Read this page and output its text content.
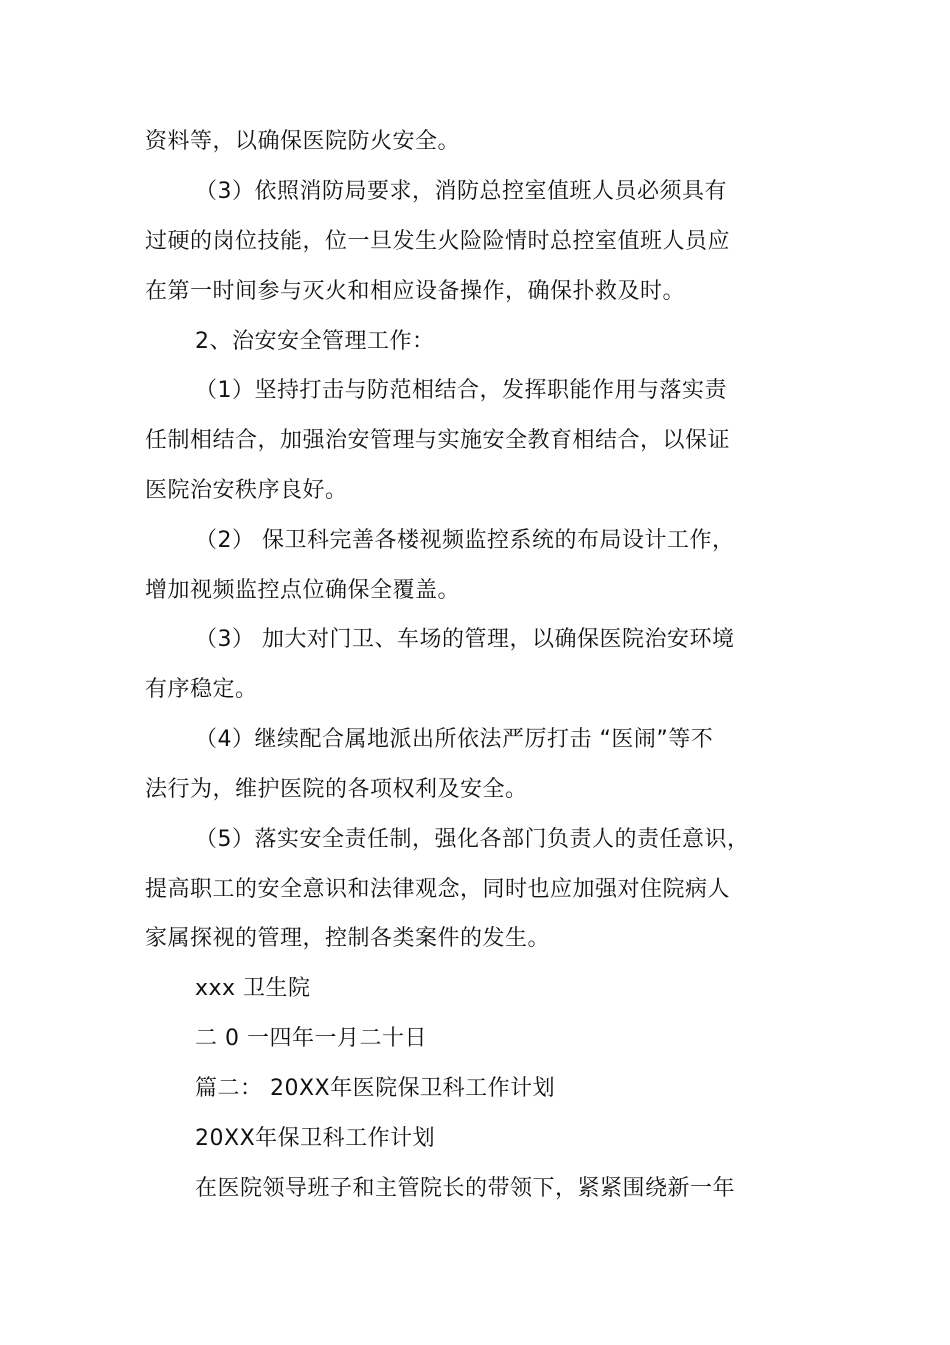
资料等，以确保医院防火安全。
（3）依照消防局要求，消防总控室值班人员必须具有
过硬的岗位技能，位一旦发生火险险情时总控室值班人员应
在第一时间参与灭火和相应设备操作，确保扑救及时。
2、治安安全管理工作：
（1）坚持打击与防范相结合，发挥职能作用与落实责
任制相结合，加强治安管理与实施安全教育相结合，以保证
医院治安秩序良好。
（2） 保卫科完善各楼视频监控系统的布局设计工作，
增加视频监控点位确保全覆盖。
（3） 加大对门卫、车场的管理，以确保医院治安环境
有序稳定。
（4）继续配合属地派出所依法严厉打击 “医闹”等不
法行为，维护医院的各项权利及安全。
（5）落实安全责任制，强化各部门负责人的责任意识，
提高职工的安全意识和法律观念，同时也应加强对住院病人
家属探视的管理，控制各类案件的发生。
xxx 卫生院
二 0 一四年一月二十日
篇二： 20XX年医院保卫科工作计划
20XX年保卫科工作计划
在医院领导班子和主管院长的带领下，紧紧围绕新一年
